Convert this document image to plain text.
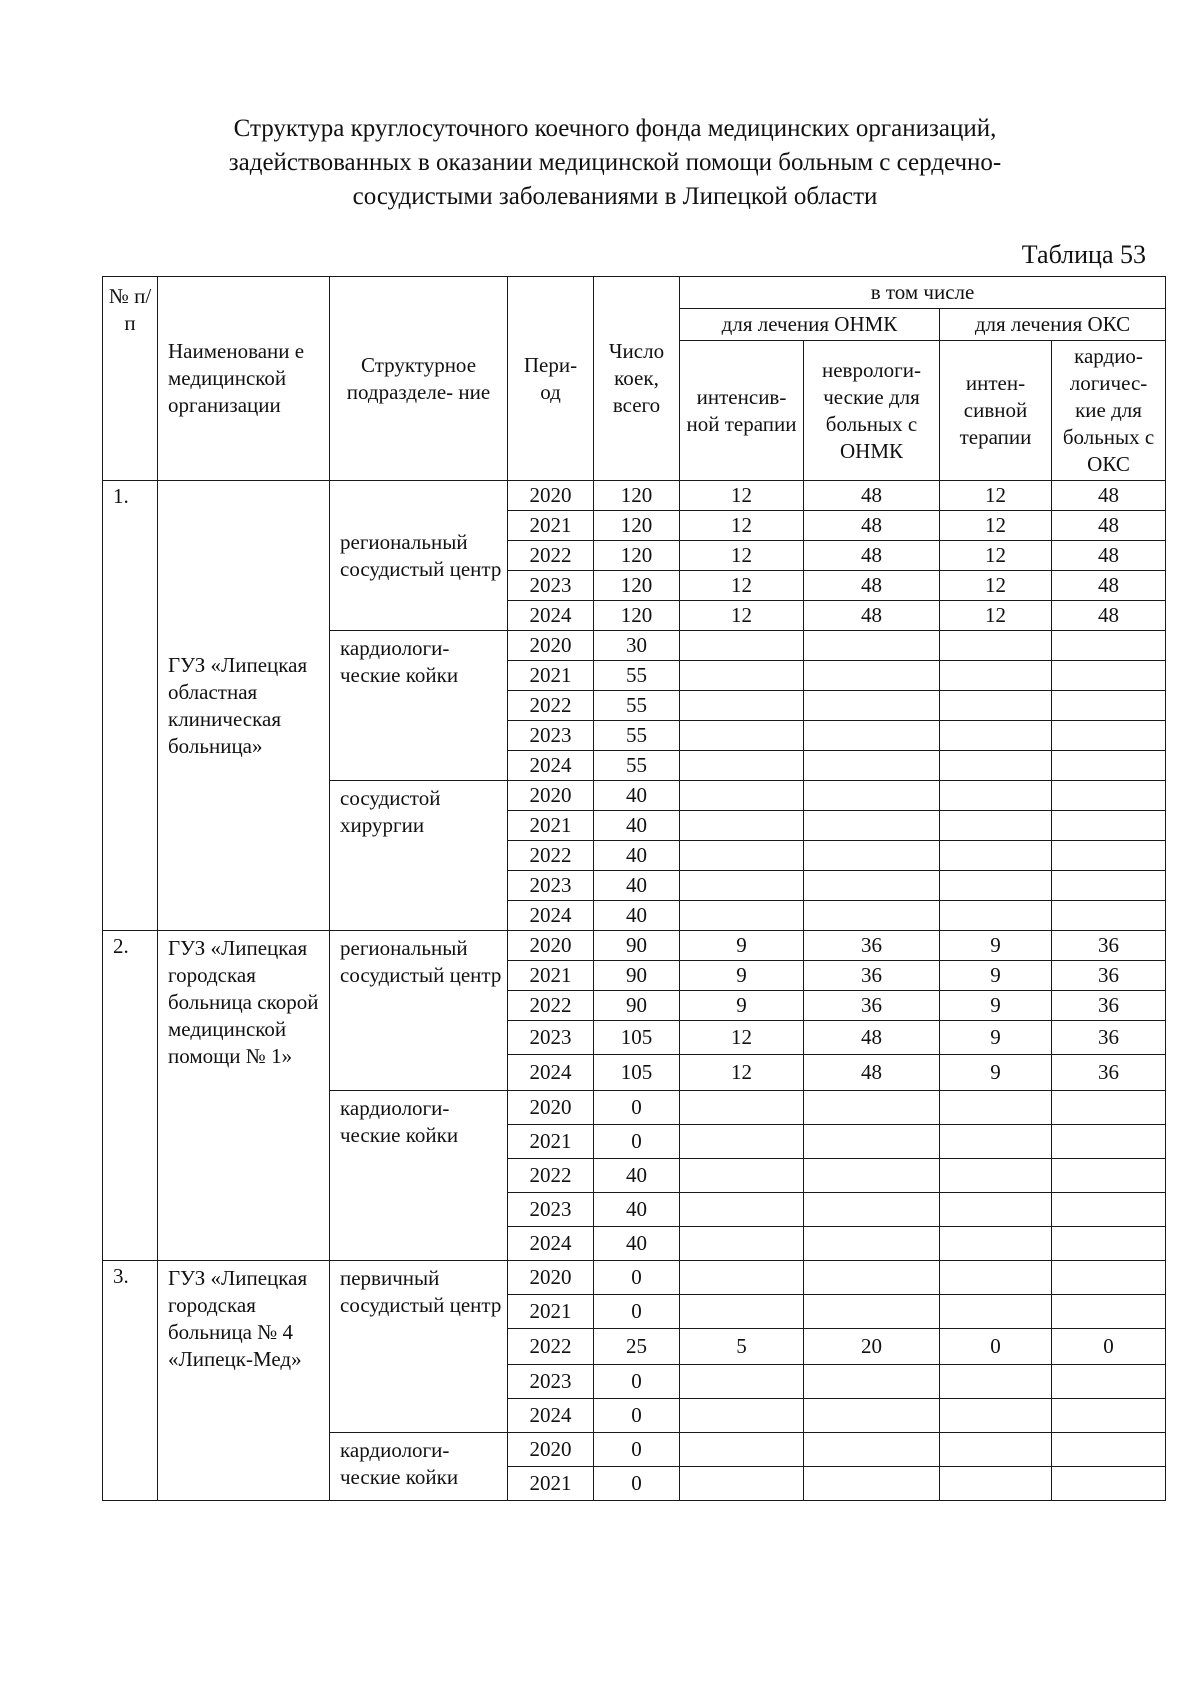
Структура круглосуточного коечного фонда медицинских организаций,
задействованных в оказании медицинской помощи больным с сердечно-
сосудистыми заболеваниями в Липецкой области
Таблица 53
№ п/п	Наименовани е медицинской организации	Структурное подразделе- ние	Пери- од	Число коек, всего	в том числе			
					для лечения ОНМК		для лечения ОКС	
					интенсив- ной терапии	неврологи- ческие для больных с ОНМК	интен- сивной терапии	кардио- логичес- кие для больных с ОКС
1.	ГУЗ «Липецкая областная клиническая больница»	региональный сосудистый центр	2020	120	12	48	12	48
			2021	120	12	48	12	48
			2022	120	12	48	12	48
			2023	120	12	48	12	48
			2024	120	12	48	12	48
		кардиологи- ческие койки	2020	30				
			2021	55				
			2022	55				
			2023	55				
			2024	55				
		сосудистой хирургии	2020	40				
			2021	40				
			2022	40				
			2023	40				
			2024	40				
2.	ГУЗ «Липецкая городская больница скорой медицинской помощи № 1»	региональный сосудистый центр	2020	90	9	36	9	36
			2021	90	9	36	9	36
			2022	90	9	36	9	36
			2023	105	12	48	9	36
			2024	105	12	48	9	36
		кардиологи- ческие койки	2020	0				
			2021	0				
			2022	40				
			2023	40				
			2024	40				
3.	ГУЗ «Липецкая городская больница № 4 «Липецк-Мед»	первичный сосудистый центр	2020	0				
			2021	0				
			2022	25	5	20	0	0
			2023	0				
			2024	0				
		кардиологи- ческие койки	2020	0				
			2021	0				
